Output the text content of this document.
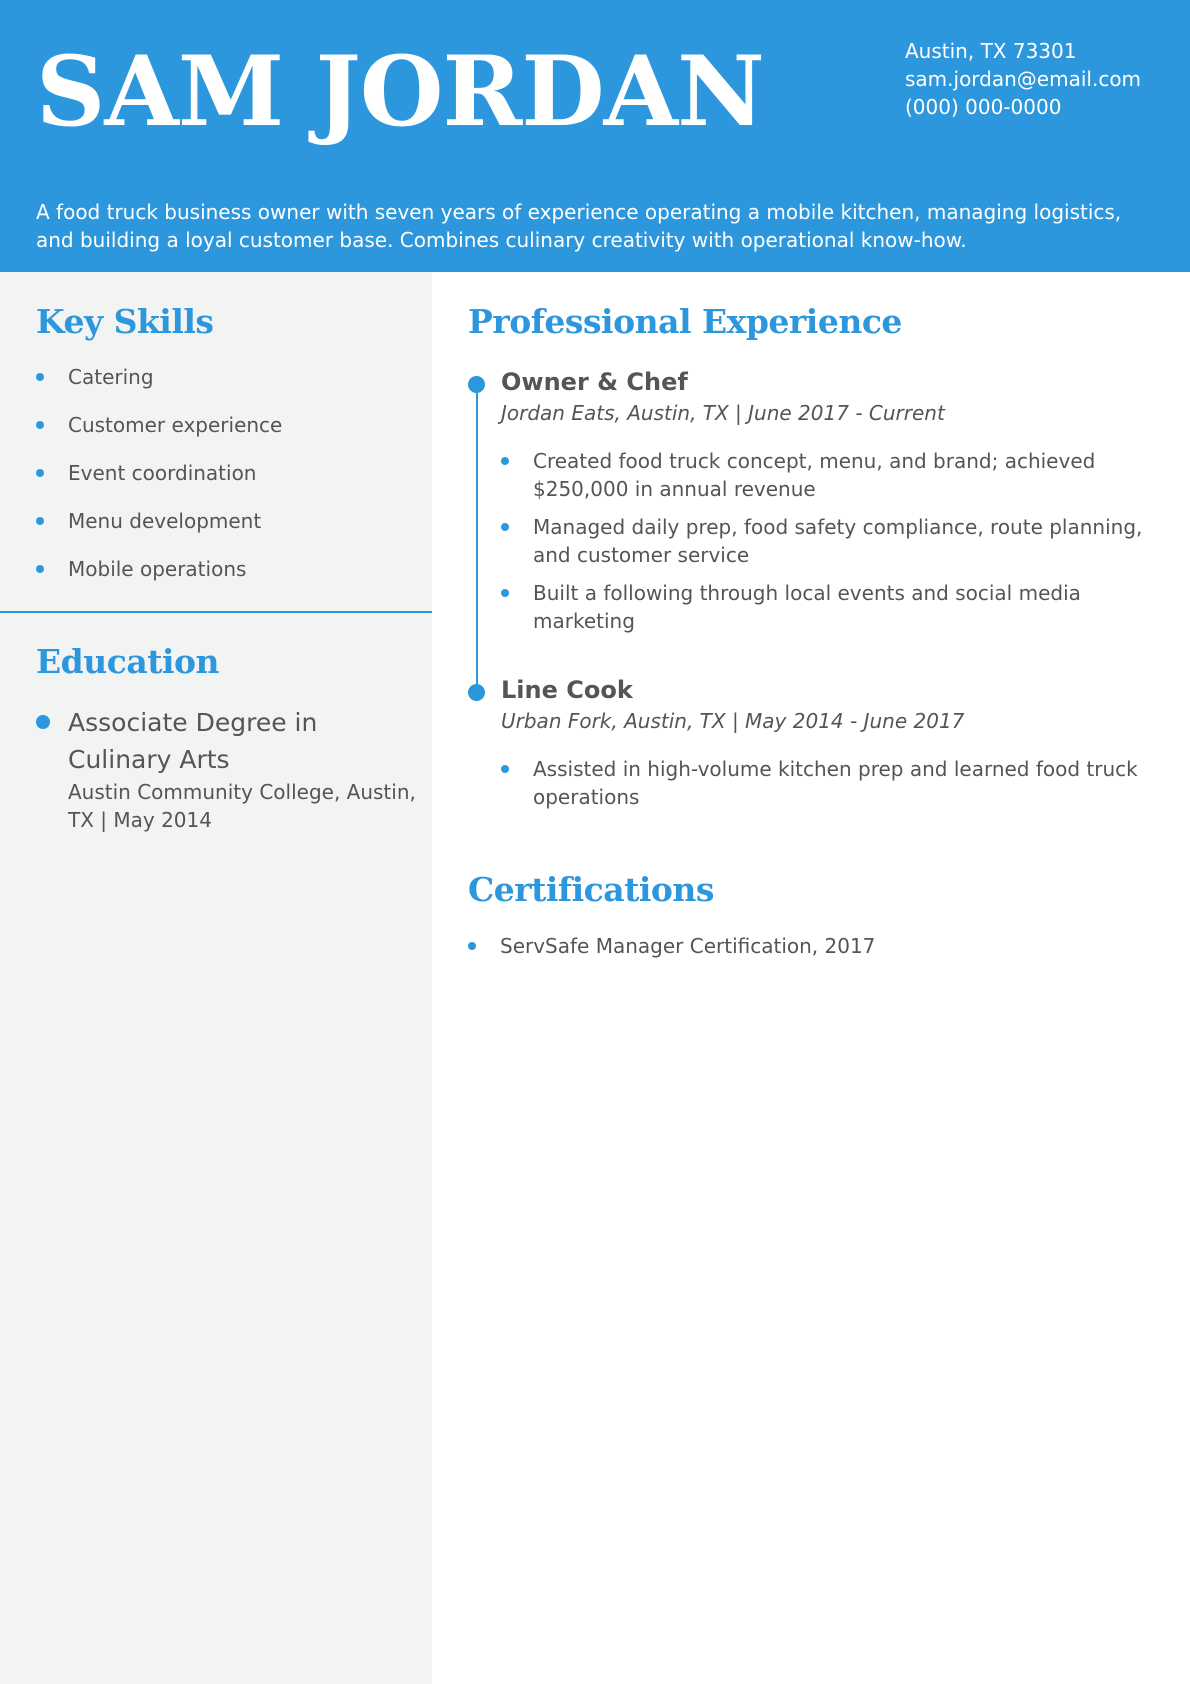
SAM JORDAN	Austin, TX 73301
sam.jordan@email.com
(000) 000-0000

A food truck business owner with seven years of experience operating a mobile kitchen, managing logistics, and building a loyal customer base. Combines culinary creativity with operational know-how.

Key Skills
Catering
Customer experience
Event coordination
Menu development
Mobile operations
Education
Associate Degree in Culinary Arts
Austin Community College, Austin, TX | May 2014
Professional Experience
Owner & Chef
Jordan Eats, Austin, TX | June 2017 - Current
Created food truck concept, menu, and brand; achieved $250,000 in annual revenue
Managed daily prep, food safety compliance, route planning, and customer service
Built a following through local events and social media marketing
Line Cook
Urban Fork, Austin, TX | May 2014 - June 2017
Assisted in high-volume kitchen prep and learned food truck operations
Certifications
ServSafe Manager Certification, 2017
